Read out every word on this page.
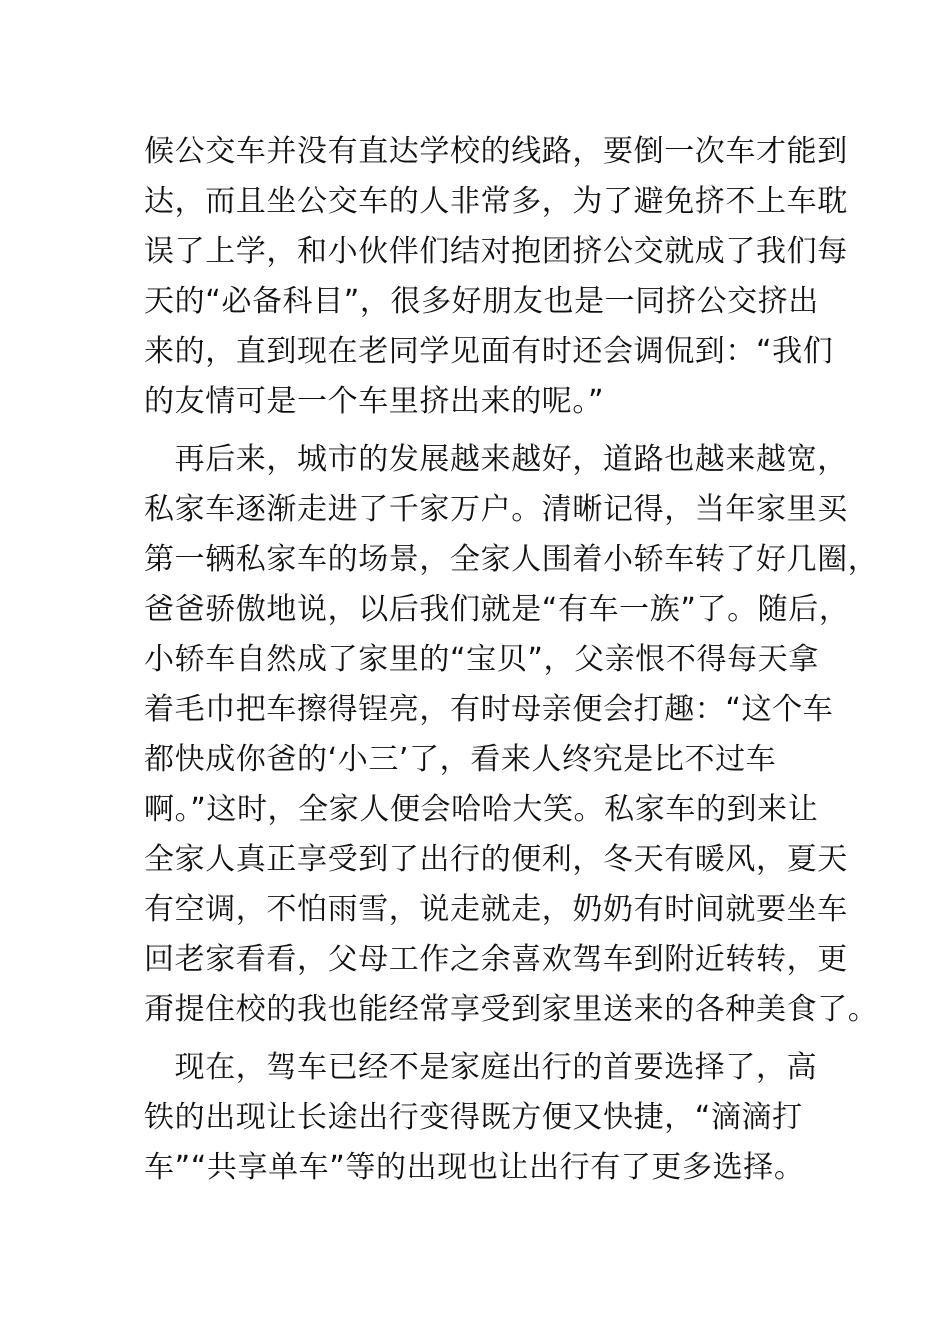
候公交车并没有直达学校的线路，要倒一次车才能到
达，而且坐公交车的人非常多，为了避免挤不上车耽
误了上学，和小伙伴们结对抱团挤公交就成了我们每
天的“必备科目”，很多好朋友也是一同挤公交挤出
来的，直到现在老同学见面有时还会调侃到：“我们
的友情可是一个车里挤出来的呢。”
　再后来，城市的发展越来越好，道路也越来越宽，
私家车逐渐走进了千家万户。清晰记得，当年家里买
第一辆私家车的场景，全家人围着小轿车转了好几圈，
爸爸骄傲地说，以后我们就是“有车一族”了。随后，
小轿车自然成了家里的“宝贝”，父亲恨不得每天拿
着毛巾把车擦得锃亮，有时母亲便会打趣：“这个车
都快成你爸的‘小三’了，看来人终究是比不过车
啊。”这时，全家人便会哈哈大笑。私家车的到来让
全家人真正享受到了出行的便利，冬天有暖风，夏天
有空调，不怕雨雪，说走就走，奶奶有时间就要坐车
回老家看看，父母工作之余喜欢驾车到附近转转，更
甭提住校的我也能经常享受到家里送来的各种美食了。
　现在，驾车已经不是家庭出行的首要选择了，高
铁的出现让长途出行变得既方便又快捷，“滴滴打
车”“共享单车”等的出现也让出行有了更多选择。
